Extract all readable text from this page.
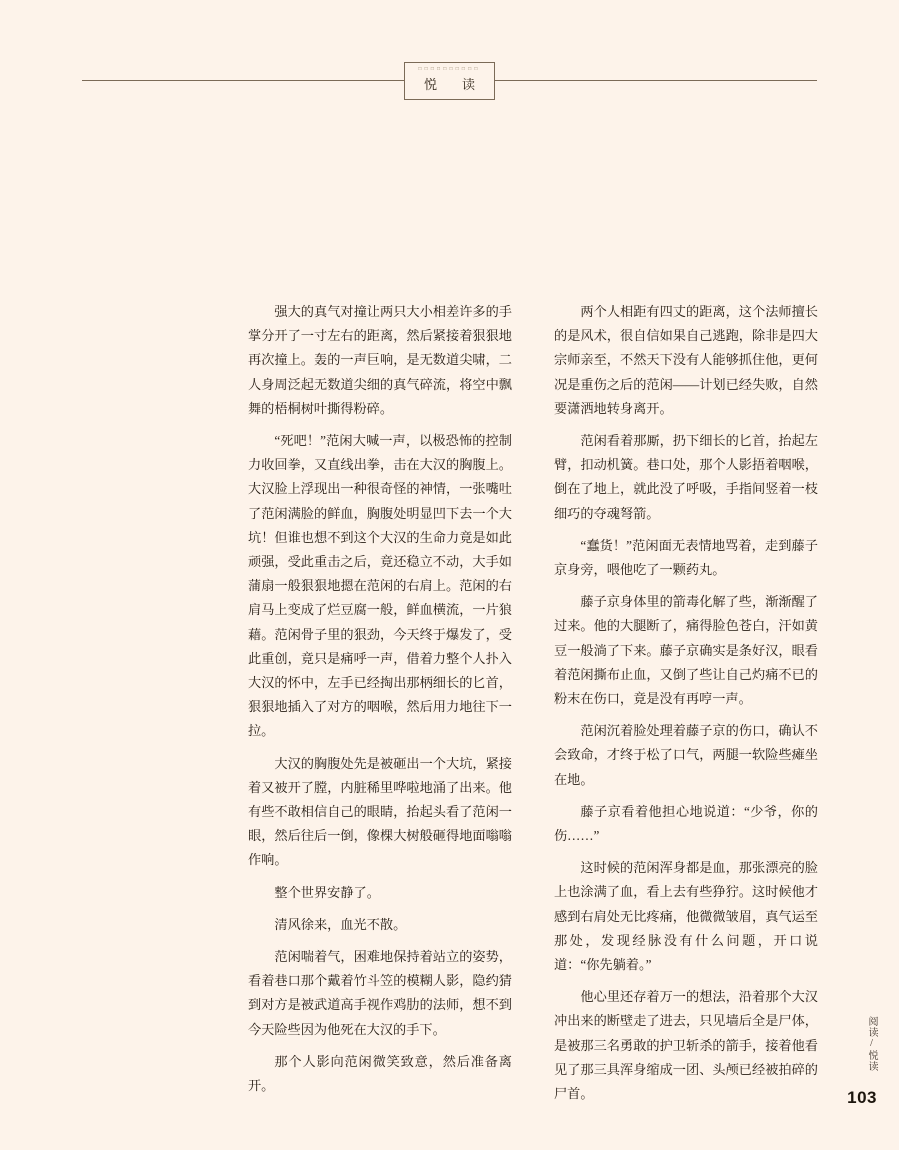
□□□□□□□□□□
悦　读

强大的真气对撞让两只大小相差许多的手掌分开了一寸左右的距离，然后紧接着狠狠地再次撞上。轰的一声巨响，是无数道尖啸，二人身周泛起无数道尖细的真气碎流，将空中飘舞的梧桐树叶撕得粉碎。

“死吧！”范闲大喊一声，以极恐怖的控制力收回拳，又直线出拳，击在大汉的胸腹上。大汉脸上浮现出一种很奇怪的神情，一张嘴吐了范闲满脸的鲜血，胸腹处明显凹下去一个大坑！但谁也想不到这个大汉的生命力竟是如此顽强，受此重击之后，竟还稳立不动，大手如蒲扇一般狠狠地摁在范闲的右肩上。范闲的右肩马上变成了烂豆腐一般，鲜血横流，一片狼藉。范闲骨子里的狠劲，今天终于爆发了，受此重创，竟只是痛呼一声，借着力整个人扑入大汉的怀中，左手已经掏出那柄细长的匕首，狠狠地插入了对方的咽喉，然后用力地往下一拉。

大汉的胸腹处先是被砸出一个大坑，紧接着又被开了膛，内脏稀里哗啦地涌了出来。他有些不敢相信自己的眼睛，抬起头看了范闲一眼，然后往后一倒，像棵大树般砸得地面嗡嗡作响。

整个世界安静了。

清风徐来，血光不散。

范闲喘着气，困难地保持着站立的姿势，看着巷口那个戴着竹斗笠的模糊人影，隐约猜到对方是被武道高手视作鸡肋的法师，想不到今天险些因为他死在大汉的手下。

那个人影向范闲微笑致意，然后准备离开。

两个人相距有四丈的距离，这个法师擅长的是风术，很自信如果自己逃跑，除非是四大宗师亲至，不然天下没有人能够抓住他，更何况是重伤之后的范闲——计划已经失败，自然要潇洒地转身离开。

范闲看着那厮，扔下细长的匕首，抬起左臂，扣动机簧。巷口处，那个人影捂着咽喉，倒在了地上，就此没了呼吸，手指间竖着一枝细巧的夺魂弩箭。

“蠢货！”范闲面无表情地骂着，走到藤子京身旁，喂他吃了一颗药丸。

藤子京身体里的箭毒化解了些，渐渐醒了过来。他的大腿断了，痛得脸色苍白，汗如黄豆一般淌了下来。藤子京确实是条好汉，眼看着范闲撕布止血，又倒了些让自己灼痛不已的粉末在伤口，竟是没有再哼一声。

范闲沉着脸处理着藤子京的伤口，确认不会致命，才终于松了口气，两腿一软险些瘫坐在地。

藤子京看着他担心地说道：“少爷，你的伤……”

这时候的范闲浑身都是血，那张漂亮的脸上也涂满了血，看上去有些狰狞。这时候他才感到右肩处无比疼痛，他微微皱眉，真气运至那处，发现经脉没有什么问题，开口说道：“你先躺着。”

他心里还存着万一的想法，沿着那个大汉冲出来的断壁走了进去，只见墙后全是尸体，是被那三名勇敢的护卫斩杀的箭手，接着他看见了那三具浑身缩成一团、头颅已经被拍碎的尸首。

阅读/悦读
103
